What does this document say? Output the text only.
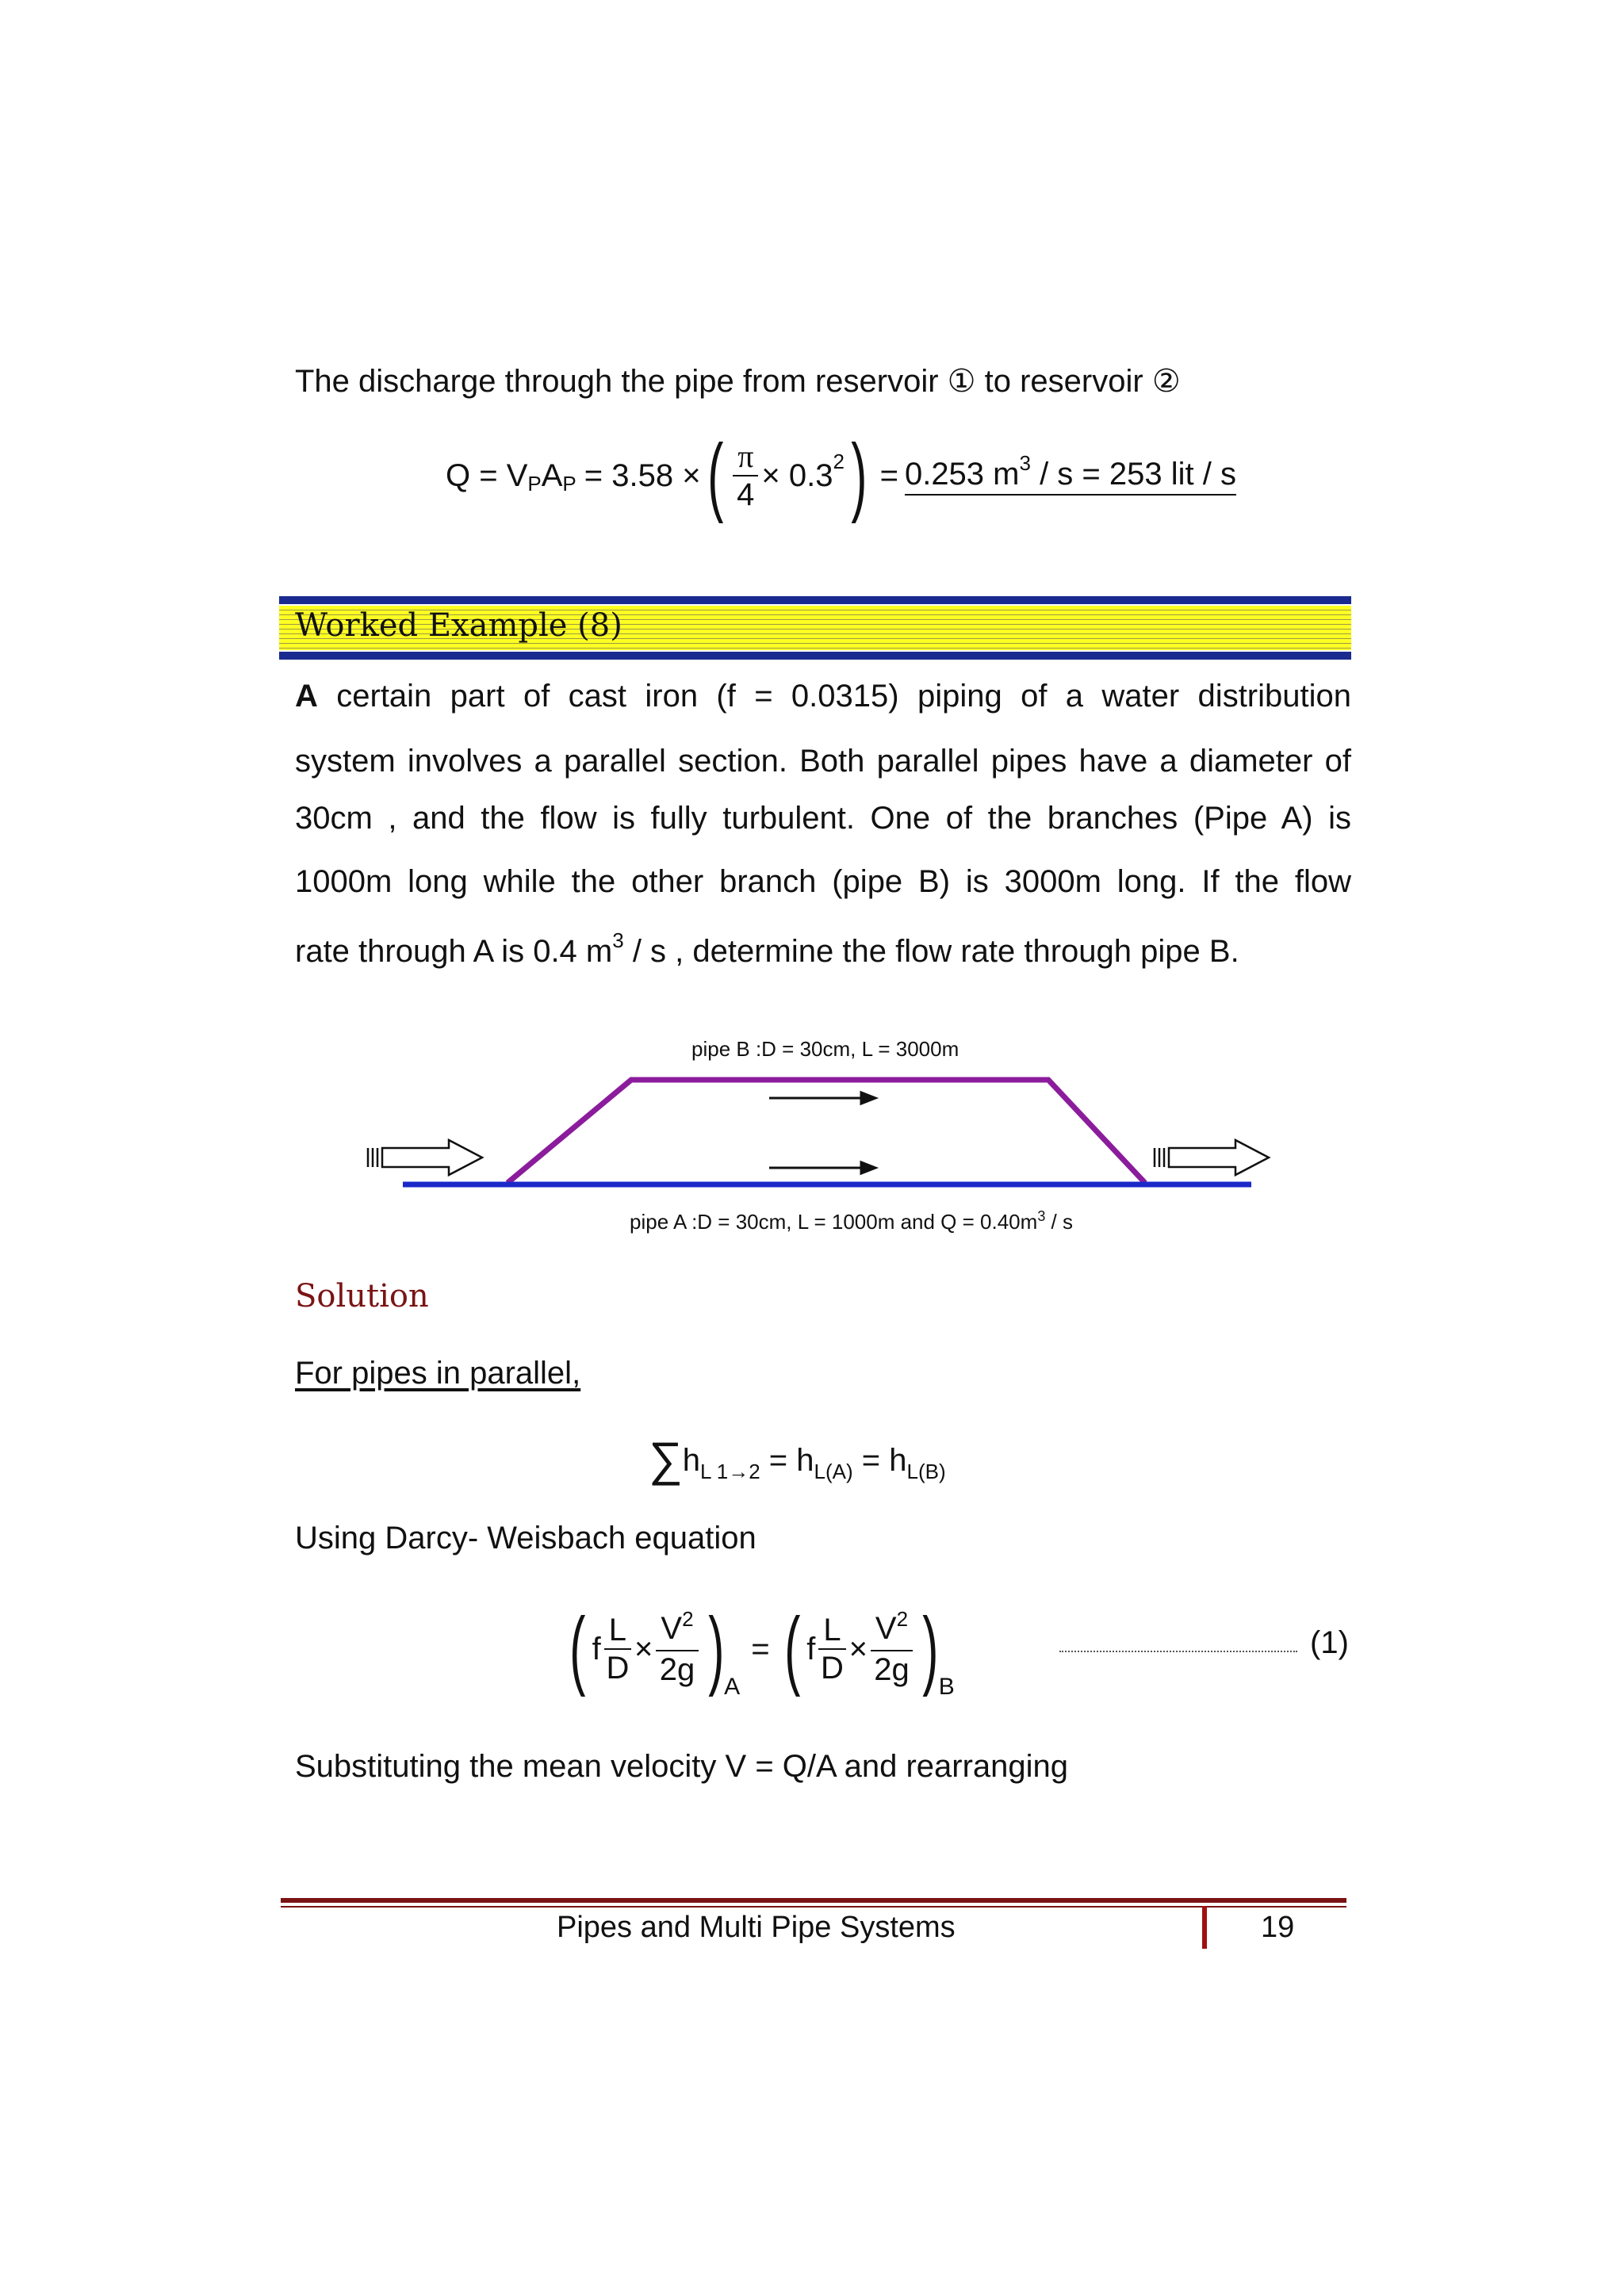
The discharge through the pipe from reservoir ① to reservoir ②
Q = V P A P = 3.58 × ( $\frac{\pi}{4} \times 0.3$ 2 ) = 0.253 $m^3 / s = 253$ lit / s
Worked Example (8)
A certain part of cast iron (f = 0.0315) piping of a water distribution
system involves a parallel section. Both parallel pipes have a diameter of
30cm , and the flow is fully turbulent. One of the branches (Pipe A) is
1000m long while the other branch (pipe B) is 3000m long. If the flow
rate through A is 0.4 $m^3$ / s , determine the flow rate through pipe B.
pipe B :D = 30cm, L = 3000m
pipe A :D = 30cm, L = 1000m and $Q = 0.40m^3 / s$
Solution
For pipes in parallel,
$\sum h_{L 1\to 2} = h_{L(A)} = h_{L(B)}$
Using Darcy- Weisbach equation
( f $\frac{L}{D} \times \frac{V^2}{2g}$ ) A
= ( f $\frac{L}{D} \times \frac{V^2}{2g}$ ) B
(1)
Substituting the mean velocity V = Q/A and rearranging
Pipes and Multi Pipe Systems	19
